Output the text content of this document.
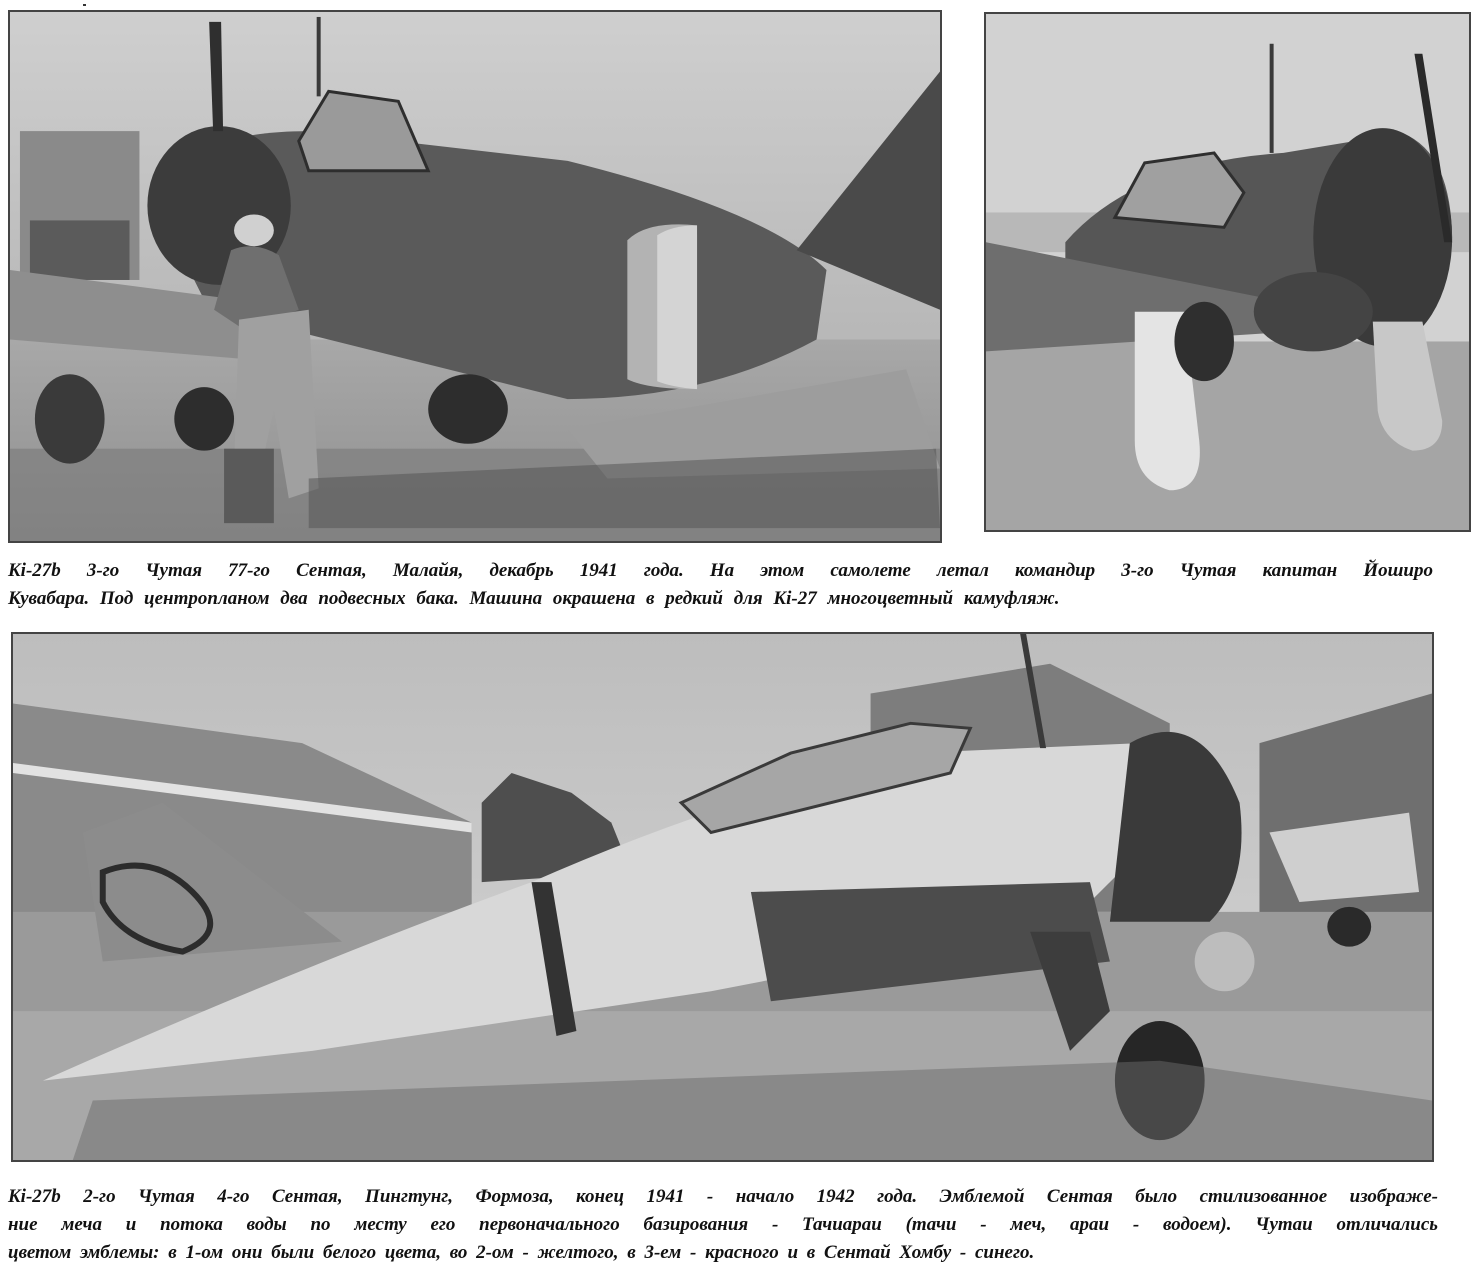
Ki-27b 3-го Чутая 77-го Сентая, Малайя, декабрь 1941 года. На этом самолете летал командир 3-го Чутая капитан Йоширо

Кувабара. Под центропланом два подвесных бака. Машина окрашена в редкий для Ki-27 многоцветный камуфляж.

Ki-27b 2-го Чутая 4-го Сентая, Пингтунг, Формоза, конец 1941 - начало 1942 года. Эмблемой Сентая было стилизованное изображе-

ние меча и потока воды по месту его первоначального базирования - Тачиараи (тачи - меч, араи - водоем). Чутаи отличались

цветом эмблемы: в 1-ом они были белого цвета, во 2-ом - желтого, в 3-ем - красного и в Сентай Хомбу - синего.
